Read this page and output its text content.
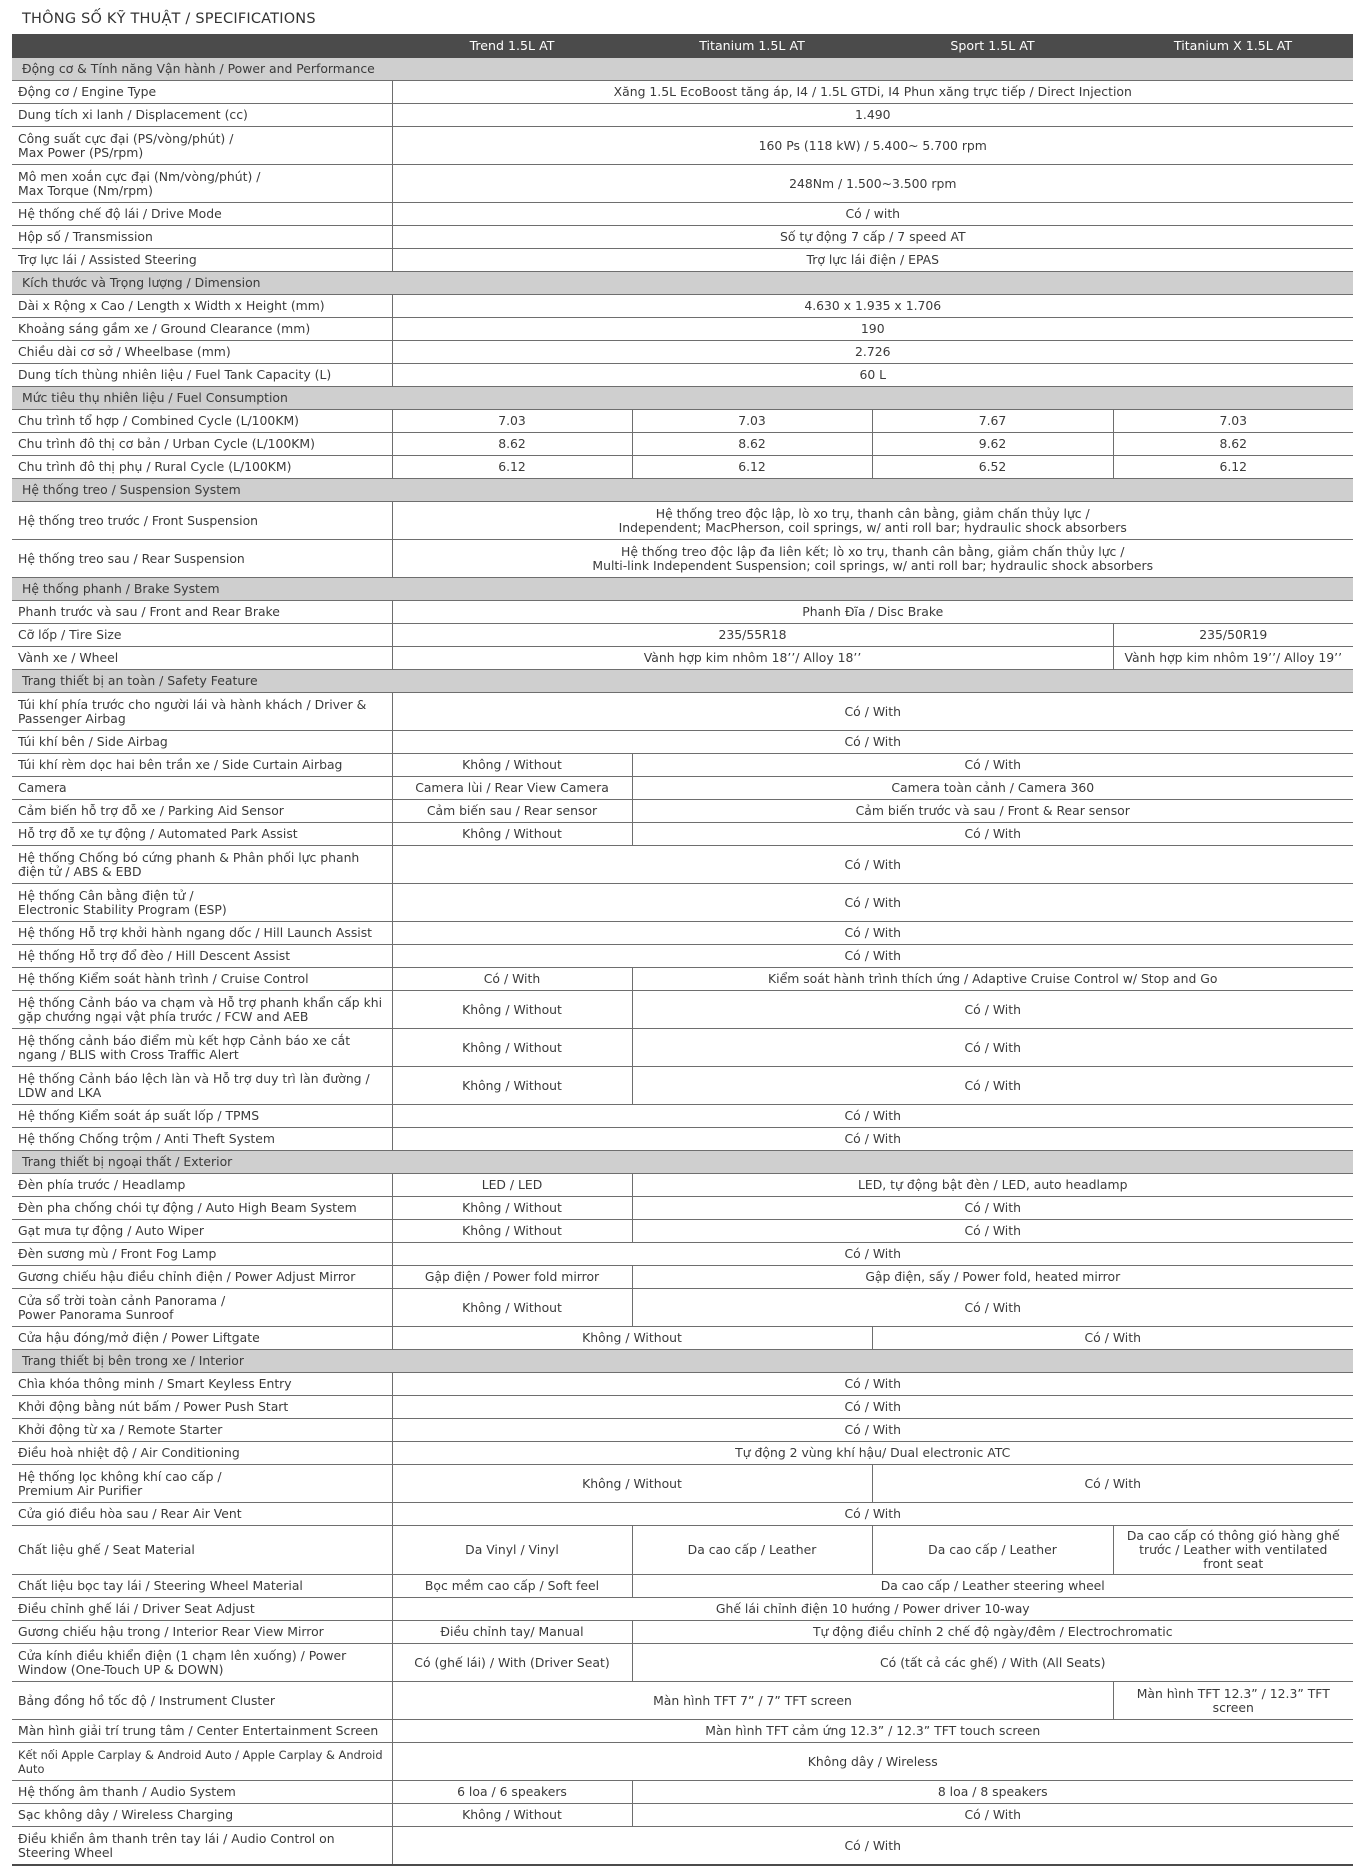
THÔNG SỐ KỸ THUẬT / SPECIFICATIONS
	Trend 1.5L AT	Titanium 1.5L AT	Sport 1.5L AT	Titanium X 1.5L AT
Động cơ & Tính năng Vận hành / Power and Performance				
Động cơ / Engine Type	Xăng 1.5L EcoBoost tăng áp, I4 / 1.5L GTDi, I4 Phun xăng trực tiếp / Direct Injection			
Dung tích xi lanh / Displacement (cc)	1.490			
Công suất cực đại (PS/vòng/phút) /
Max Power (PS/rpm)	160 Ps (118 kW) / 5.400~ 5.700 rpm			
Mô men xoắn cực đại (Nm/vòng/phút) /
Max Torque (Nm/rpm)	248Nm / 1.500~3.500 rpm			
Hệ thống chế độ lái / Drive Mode	Có / with			
Hộp số / Transmission	Số tự động 7 cấp / 7 speed AT			
Trợ lực lái / Assisted Steering	Trợ lực lái điện / EPAS			
Kích thước và Trọng lượng / Dimension				
Dài x Rộng x Cao / Length x Width x Height (mm)	4.630 x 1.935 x 1.706			
Khoảng sáng gầm xe / Ground Clearance (mm)	190			
Chiều dài cơ sở / Wheelbase (mm)	2.726			
Dung tích thùng nhiên liệu / Fuel Tank Capacity (L)	60 L			
Mức tiêu thụ nhiên liệu / Fuel Consumption				
Chu trình tổ hợp / Combined Cycle (L/100KM)	7.03	7.03	7.67	7.03
Chu trình đô thị cơ bản / Urban Cycle (L/100KM)	8.62	8.62	9.62	8.62
Chu trình đô thị phụ / Rural Cycle (L/100KM)	6.12	6.12	6.52	6.12
Hệ thống treo / Suspension System				
Hệ thống treo trước / Front Suspension	Hệ thống treo độc lập, lò xo trụ, thanh cân bằng, giảm chấn thủy lực /
Independent; MacPherson, coil springs, w/ anti roll bar; hydraulic shock absorbers			
Hệ thống treo sau / Rear Suspension	Hệ thống treo độc lập đa liên kết; lò xo trụ, thanh cân bằng, giảm chấn thủy lực /
Multi-link Independent Suspension; coil springs, w/ anti roll bar; hydraulic shock absorbers			
Hệ thống phanh / Brake System				
Phanh trước và sau / Front and Rear Brake	Phanh Đĩa / Disc Brake			
Cỡ lốp / Tire Size	235/55R18			235/50R19
Vành xe / Wheel	Vành hợp kim nhôm 18’’/ Alloy 18’’			Vành hợp kim nhôm 19’’/ Alloy 19’’
Trang thiết bị an toàn / Safety Feature				
Túi khí phía trước cho người lái và hành khách / Driver &
Passenger Airbag	Có / With			
Túi khí bên / Side Airbag	Có / With			
Túi khí rèm dọc hai bên trần xe / Side Curtain Airbag	Không / Without	Có / With		
Camera	Camera lùi / Rear View Camera	Camera toàn cảnh / Camera 360		
Cảm biến hỗ trợ đỗ xe / Parking Aid Sensor	Cảm biến sau / Rear sensor	Cảm biến trước và sau / Front & Rear sensor		
Hỗ trợ đỗ xe tự động / Automated Park Assist	Không / Without	Có / With		
Hệ thống Chống bó cứng phanh & Phân phối lực phanh
điện tử / ABS & EBD	Có / With			
Hệ thống Cân bằng điện tử /
Electronic Stability Program (ESP)	Có / With			
Hệ thống Hỗ trợ khởi hành ngang dốc / Hill Launch Assist	Có / With			
Hệ thống Hỗ trợ đổ đèo / Hill Descent Assist	Có / With			
Hệ thống Kiểm soát hành trình / Cruise Control	Có / With	Kiểm soát hành trình thích ứng / Adaptive Cruise Control w/ Stop and Go		
Hệ thống Cảnh báo va chạm và Hỗ trợ phanh khẩn cấp khi
gặp chướng ngại vật phía trước / FCW and AEB	Không / Without	Có / With		
Hệ thống cảnh báo điểm mù kết hợp Cảnh báo xe cắt
ngang / BLIS with Cross Traffic Alert	Không / Without	Có / With		
Hệ thống Cảnh báo lệch làn và Hỗ trợ duy trì làn đường /
LDW and LKA	Không / Without	Có / With		
Hệ thống Kiểm soát áp suất lốp / TPMS	Có / With			
Hệ thống Chống trộm / Anti Theft System	Có / With			
Trang thiết bị ngoại thất / Exterior				
Đèn phía trước / Headlamp	LED / LED	LED, tự động bật đèn / LED, auto headlamp		
Đèn pha chống chói tự động / Auto High Beam System	Không / Without	Có / With		
Gạt mưa tự động / Auto Wiper	Không / Without	Có / With		
Đèn sương mù / Front Fog Lamp	Có / With			
Gương chiếu hậu điều chỉnh điện / Power Adjust Mirror	Gập điện / Power fold mirror	Gập điện, sấy / Power fold, heated mirror		
Cửa sổ trời toàn cảnh Panorama /
Power Panorama Sunroof	Không / Without	Có / With		
Cửa hậu đóng/mở điện / Power Liftgate	Không / Without		Có / With	
Trang thiết bị bên trong xe / Interior				
Chìa khóa thông minh / Smart Keyless Entry	Có / With			
Khởi động bằng nút bấm / Power Push Start	Có / With			
Khởi động từ xa / Remote Starter	Có / With			
Điều hoà nhiệt độ / Air Conditioning	Tự động 2 vùng khí hậu/ Dual electronic ATC			
Hệ thống lọc không khí cao cấp /
Premium Air Purifier	Không / Without		Có / With	
Cửa gió điều hòa sau / Rear Air Vent	Có / With			
Chất liệu ghế / Seat Material	Da Vinyl / Vinyl	Da cao cấp / Leather	Da cao cấp / Leather	Da cao cấp có thông gió hàng ghế
trước / Leather with ventilated
front seat
Chất liệu bọc tay lái / Steering Wheel Material	Bọc mềm cao cấp / Soft feel	Da cao cấp / Leather steering wheel		
Điều chỉnh ghế lái / Driver Seat Adjust	Ghế lái chỉnh điện 10 hướng / Power driver 10-way			
Gương chiếu hậu trong / Interior Rear View Mirror	Điều chỉnh tay/ Manual	Tự động điều chỉnh 2 chế độ ngày/đêm / Electrochromatic		
Cửa kính điều khiển điện (1 chạm lên xuống) / Power
Window (One-Touch UP & DOWN)	Có (ghế lái) / With (Driver Seat)	Có (tất cả các ghế) / With (All Seats)		
Bảng đồng hồ tốc độ / Instrument Cluster	Màn hình TFT 7” / 7” TFT screen			Màn hình TFT 12.3” / 12.3” TFT
screen
Màn hình giải trí trung tâm / Center Entertainment Screen	Màn hình TFT cảm ứng 12.3” / 12.3” TFT touch screen			
Kết nối Apple Carplay & Android Auto / Apple Carplay & Android
Auto	Không dây / Wireless			
Hệ thống âm thanh / Audio System	6 loa / 6 speakers	8 loa / 8 speakers		
Sạc không dây / Wireless Charging	Không / Without	Có / With		
Điều khiển âm thanh trên tay lái / Audio Control on
Steering Wheel	Có / With			
